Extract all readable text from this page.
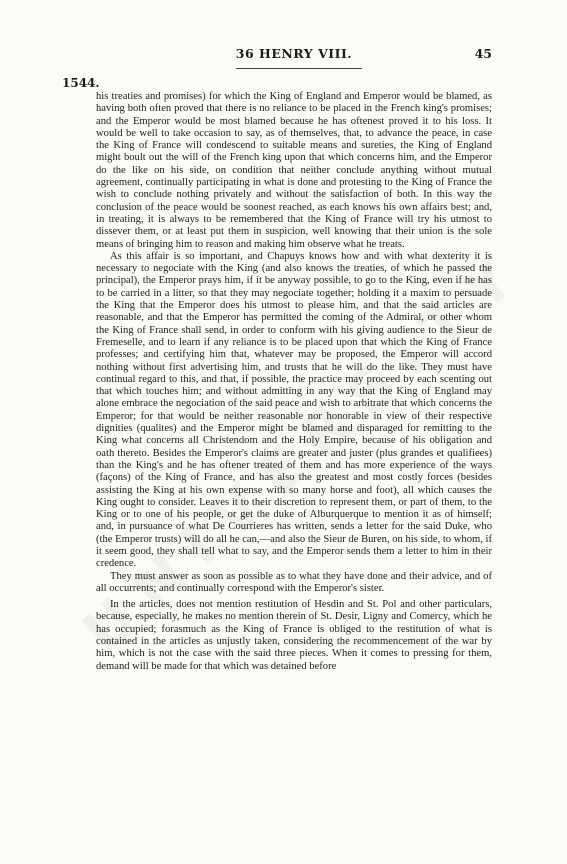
36 HENRY VIII.	45
1544.

his treaties and promises) for which the King of England and Emperor would be blamed, as having both often proved that there is no reliance to be placed in the French king's promises; and the Emperor would be most blamed because he has oftenest proved it to his loss. It would be well to take occasion to say, as of themselves, that, to advance the peace, in case the King of France will condescend to suitable means and sureties, the King of England might boult out the will of the French king upon that which concerns him, and the Emperor do the like on his side, on condition that neither conclude anything without mutual agreement, continually participating in what is done and protesting to the King of France the wish to conclude nothing privately and without the satisfaction of both. In this way the conclusion of the peace would be soonest reached, as each knows his own affairs best; and, in treating, it is always to be remembered that the King of France will try his utmost to dissever them, or at least put them in suspicion, well knowing that their union is the sole means of bringing him to reason and making him observe what he treats.

As this affair is so important, and Chapuys knows how and with what dexterity it is necessary to negociate with the King (and also knows the treaties, of which he passed the principal), the Emperor prays him, if it be anyway possible, to go to the King, even if he has to be carried in a litter, so that they may negociate together; holding it a maxim to persuade the King that the Emperor does his utmost to please him, and that the said articles are reasonable, and that the Emperor has permitted the coming of the Admiral, or other whom the King of France shall send, in order to conform with his giving audience to the Sieur de Fremeselle, and to learn if any reliance is to be placed upon that which the King of France professes; and certifying him that, whatever may be proposed, the Emperor will accord nothing without first advertising him, and trusts that he will do the like. They must have continual regard to this, and that, if possible, the practice may proceed by each scenting out that which touches him; and without admitting in any way that the King of England may alone embrace the negociation of the said peace and wish to arbitrate that which concerns the Emperor; for that would be neither reasonable nor honorable in view of their respective dignities (qualites) and the Emperor might be blamed and disparaged for remitting to the King what concerns all Christendom and the Holy Empire, because of his obligation and oath thereto. Besides the Emperor's claims are greater and juster (plus grandes et qualifiees) than the King's and he has oftener treated of them and has more experience of the ways (façons) of the King of France, and has also the greatest and most costly forces (besides assisting the King at his own expense with so many horse and foot), all which causes the King ought to consider. Leaves it to their discretion to represent them, or part of them, to the King or to one of his people, or get the duke of Alburquerque to mention it as of himself; and, in pursuance of what De Courrieres has written, sends a letter for the said Duke, who (the Emperor trusts) will do all he can,—and also the Sieur de Buren, on his side, to whom, if it seem good, they shall tell what to say, and the Emperor sends them a letter to him in their credence.

They must answer as soon as possible as to what they have done and their advice, and of all occurrents; and continually correspond with the Emperor's sister.

In the articles, does not mention restitution of Hesdin and St. Pol and other particulars, because, especially, he makes no mention therein of St. Desir, Ligny and Comercy, which he has occupied; forasmuch as the King of France is obliged to the restitution of what is contained in the articles as unjustly taken, considering the recommencement of the war by him, which is not the case with the said three pieces. When it comes to pressing for them, demand will be made for that which was detained before
